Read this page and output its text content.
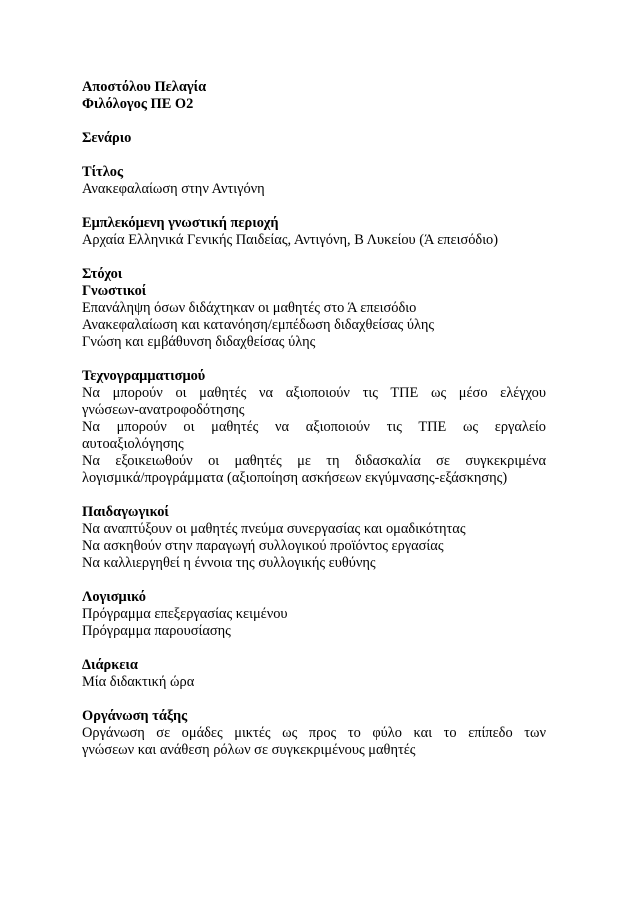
Αποστόλου Πελαγία

Φιλόλογος ΠΕ Ο2

Σενάριο

Τίτλος

Ανακεφαλαίωση στην Αντιγόνη

Εμπλεκόμενη γνωστική περιοχή

Αρχαία Ελληνικά Γενικής Παιδείας, Αντιγόνη, Β Λυκείου (Ά επεισόδιο)

Στόχοι

Γνωστικοί

Επανάληψη όσων διδάχτηκαν οι μαθητές στο Ά επεισόδιο

Ανακεφαλαίωση και κατανόηση/εμπέδωση διδαχθείσας ύλης

Γνώση και εμβάθυνση διδαχθείσας ύλης

Τεχνογραμματισμού

Να μπορούν οι μαθητές να αξιοποιούν τις ΤΠΕ ως μέσο ελέγχου

γνώσεων-ανατροφοδότησης

Να μπορούν οι μαθητές να αξιοποιούν τις ΤΠΕ ως εργαλείο

αυτοαξιολόγησης

Να εξοικειωθούν οι μαθητές με τη διδασκαλία σε συγκεκριμένα

λογισμικά/προγράμματα (αξιοποίηση ασκήσεων εκγύμνασης-εξάσκησης)

Παιδαγωγικοί

Να αναπτύξουν οι μαθητές πνεύμα συνεργασίας και ομαδικότητας

Να ασκηθούν στην παραγωγή συλλογικού προϊόντος εργασίας

Να καλλιεργηθεί η έννοια της συλλογικής ευθύνης

Λογισμικό

Πρόγραμμα επεξεργασίας κειμένου

Πρόγραμμα παρουσίασης

Διάρκεια

Μία διδακτική ώρα

Οργάνωση τάξης

Οργάνωση σε ομάδες μικτές ως προς το φύλο και το επίπεδο των

γνώσεων και ανάθεση ρόλων σε συγκεκριμένους μαθητές
